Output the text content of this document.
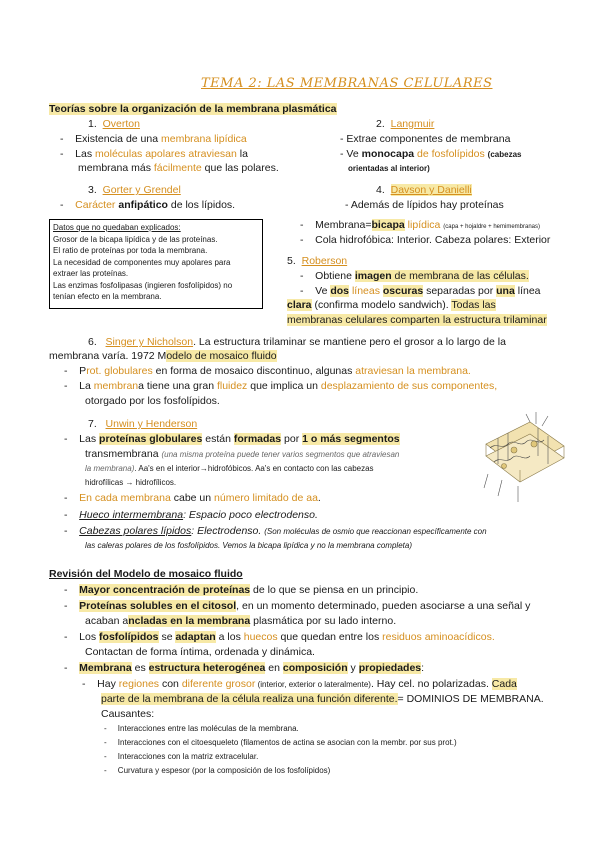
TEMA 2: LAS MEMBRANAS CELULARES
Teorías sobre la organización de la membrana plasmática
1. Overton
- Existencia de una membrana lipídica
- Las moléculas apolares atraviesan la
membrana más fácilmente que las polares.
2. Langmuir
- Extrae componentes de membrana
- Ve monocapa de fosfolípidos (cabezas
orientadas al interior)
3. Gorter y Grendel
- Carácter anfipático de los lípidos.
Datos que no quedaban explicados:
Grosor de la bicapa lipídica y de las proteínas.
El ratio de proteínas por toda la membrana.
La necesidad de componentes muy apolares para
extraer las proteínas.
Las enzimas fosfolipasas (ingieren fosfolípidos) no
tenían efecto en la membrana.
4. Davson y Danielli
- Además de lípidos hay proteínas
- Membrana=bicapa lipídica (capa + hojaldre + hemimembranas)
- Cola hidrofóbica: Interior. Cabeza polares: Exterior
5. Roberson
- Obtiene imagen de membrana de las células.
- Ve dos líneas oscuras separadas por una línea
clara (confirma modelo sandwich). Todas las
membranas celulares comparten la estructura trilaminar
6. Singer y Nicholson. La estructura trilaminar se mantiene pero el grosor a lo largo de la
membrana varía. 1972 Modelo de mosaico fluido
- Prot. globulares en forma de mosaico discontinuo, algunas atraviesan la membrana.
- La membrana tiene una gran fluidez que implica un desplazamiento de sus componentes,
otorgado por los fosfolípidos.
7. Unwin y Henderson
- Las proteínas globulares están formadas por 1 o más segmentos
transmembrana (una misma proteína puede tener varios segmentos que atraviesan
la membrana). Aa's en el interior→hidrofóbicos. Aa's en contacto con las cabezas
hidrofílicas → hidrofílicos.
- En cada membrana cabe un número limitado de aa.
- Hueco intermembrana: Espacio poco electrodenso.
- Cabezas polares lípidos: Electrodenso. (Son moléculas de osmio que reaccionan específicamente con
las caleras polares de los fosfolípidos. Vemos la bicapa lipídica y no la membrana completa)
Revisión del Modelo de mosaico fluido
- Mayor concentración de proteínas de lo que se piensa en un principio.
- Proteínas solubles en el citosol, en un momento determinado, pueden asociarse a una señal y
acaban ancladas en la membrana plasmática por su lado interno.
- Los fosfolípidos se adaptan a los huecos que quedan entre los residuos aminoacídicos.
Contactan de forma íntima, ordenada y dinámica.
- Membrana es estructura heterogénea en composición y propiedades:
- Hay regiones con diferente grosor (interior, exterior o lateralmente). Hay cel. no polarizadas. Cada
parte de la membrana de la célula realiza una función diferente.= DOMINIOS DE MEMBRANA.
Causantes:
- Interacciones entre las moléculas de la membrana.
- Interacciones con el citoesqueleto (filamentos de actina se asocian con la membr. por sus prot.)
- Interacciones con la matriz extracelular.
- Curvatura y espesor (por la composición de los fosfolípidos)
